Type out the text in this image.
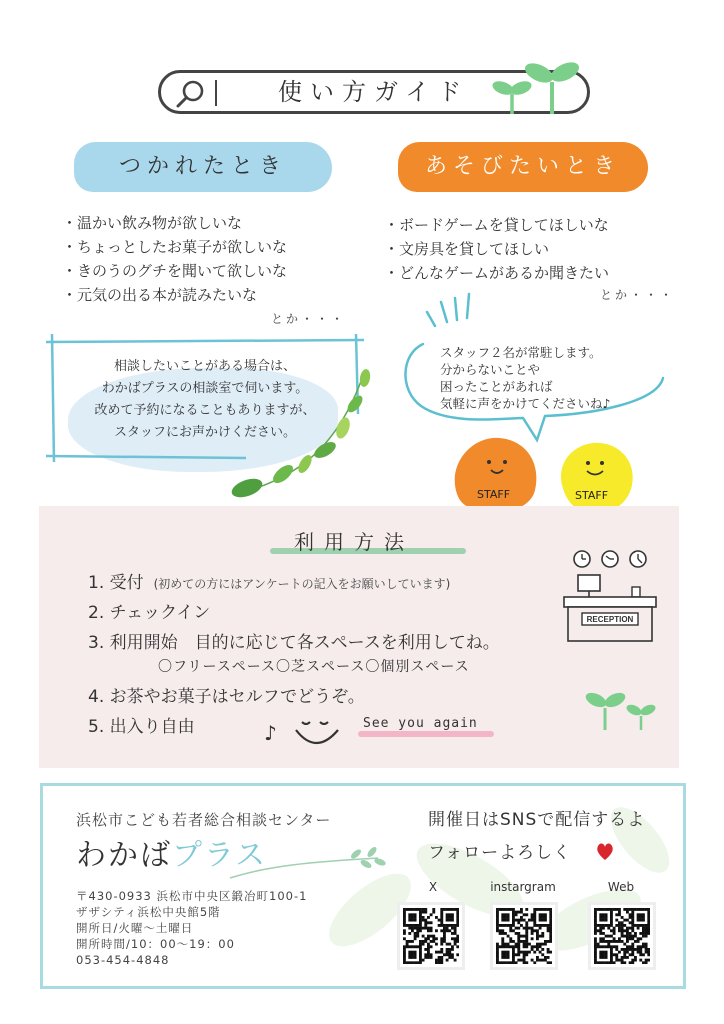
使い方ガイド
つかれたとき	あそびたいとき
・温かい飲み物が欲しいな
・ちょっとしたお菓子が欲しいな
・きのうのグチを聞いて欲しいな
・元気の出る本が読みたいな
とか・・・
・ボードゲームを貸してほしいな
・文房具を貸してほしい
・どんなゲームがあるか聞きたい
とか・・・
相談したいことがある場合は、
わかばプラスの相談室で伺います。
改めて予約になることもありますが、
スタッフにお声かけください。
スタッフ２名が常駐します。
分からないことや
困ったことがあれば
気軽に声をかけてくださいね♪
STAFF	STAFF
利用方法
1. 受付 (初めての方にはアンケートの記入をお願いしています)
2. チェックイン
3. 利用開始　目的に応じて各スペースを利用してね。
〇フリースペース〇芝スペース〇個別スペース
4. お茶やお菓子はセルフでどうぞ。
5. 出入り自由
RECEPTION
♪	See you again
浜松市こども若者総合相談センター
わかばプラス
〒430-0933 浜松市中央区鍛冶町100-1
ザザシティ浜松中央館5階
開所日/火曜～土曜日
開所時間/10：00～19：00
053-454-4848
開催日はSNSで配信するよ
フォローよろしく
X	instargram	Web
